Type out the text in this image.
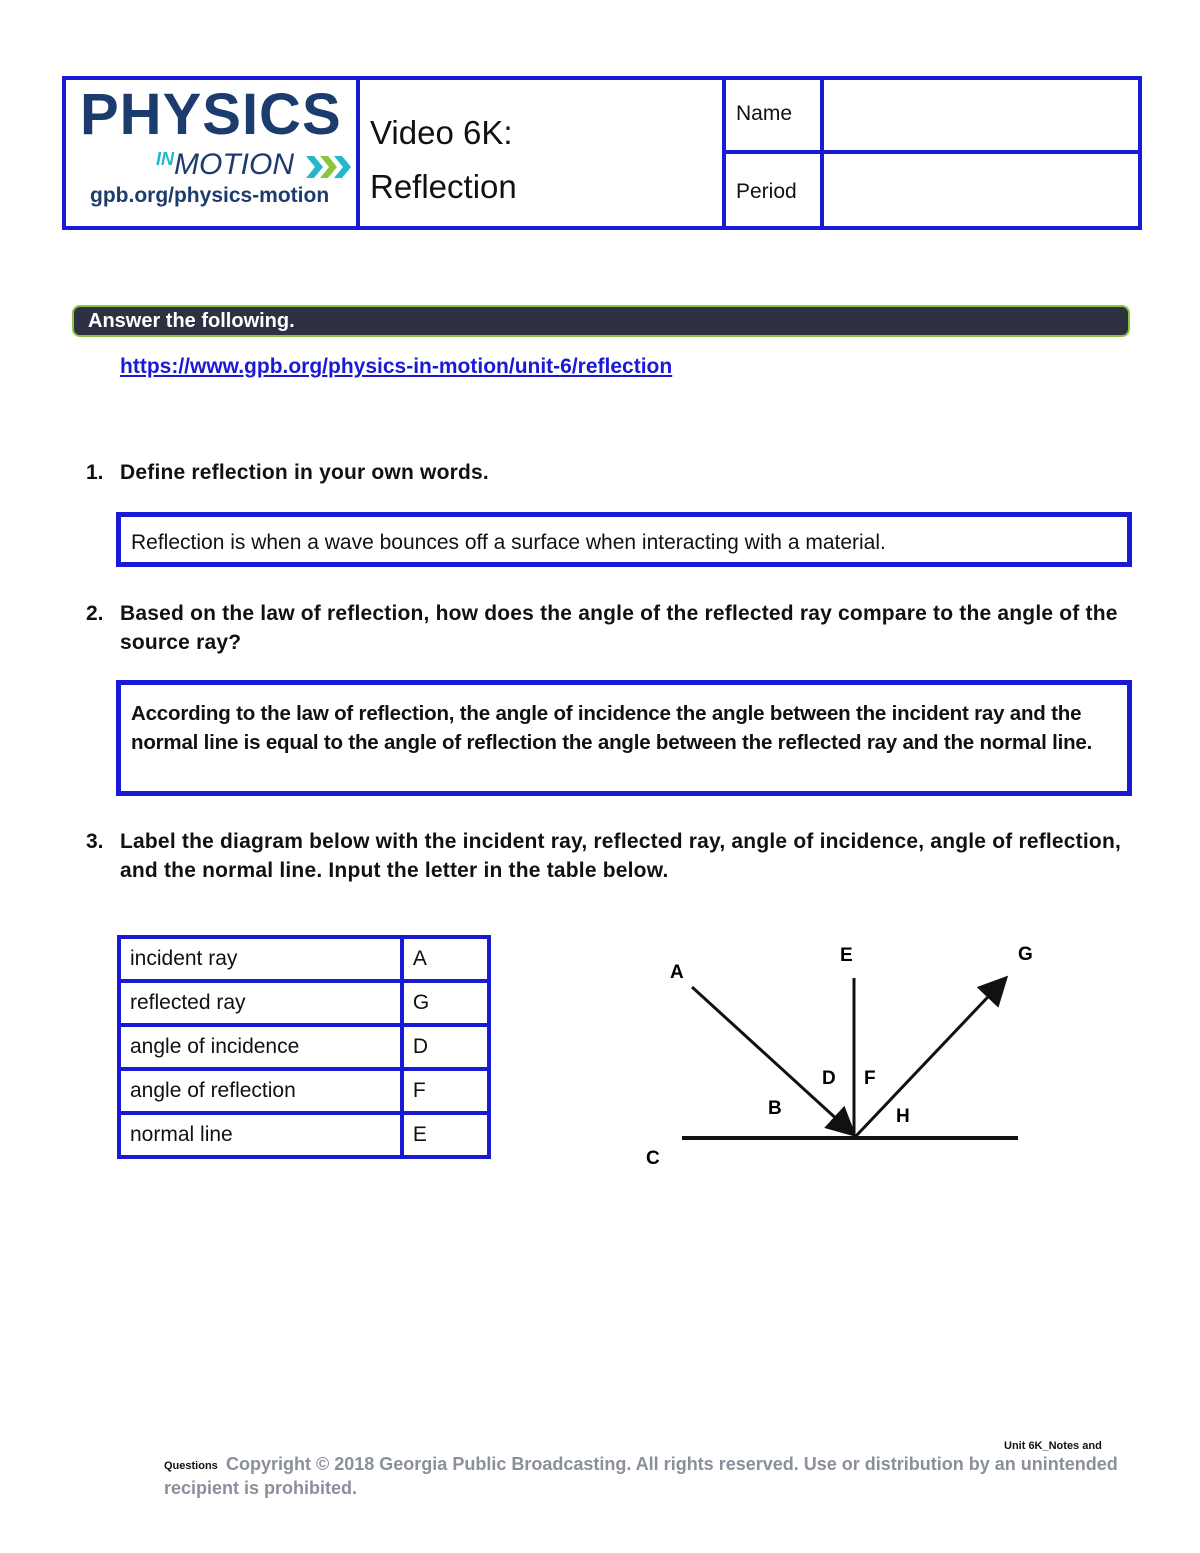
PHYSICS
$^{IN}$MOTION
gpb.org/physics-motion
Video 6K:
Reflection
Name
Period
Answer the following.
https://www.gpb.org/physics-in-motion/unit-6/reflection
1. Define reflection in your own words.
Reflection is when a wave bounces off a surface when interacting with a material.
2. Based on the law of reflection, how does the angle of the reflected ray compare to the angle of the source ray?
According to the law of reflection, the angle of incidence the angle between the incident ray and the normal line is equal to the angle of reflection the angle between the reflected ray and the normal line.
3. Label the diagram below with the incident ray, reflected ray, angle of incidence, angle of reflection, and the normal line. Input the letter in the table below.
incident ray	A
reflected ray	G
angle of incidence	D
angle of reflection	F
normal line	E
A
B
C
D
E
F
G
H
Unit 6K_Notes and
Questions Copyright © 2018 Georgia Public Broadcasting. All rights reserved. Use or distribution by an unintended recipient is prohibited.
